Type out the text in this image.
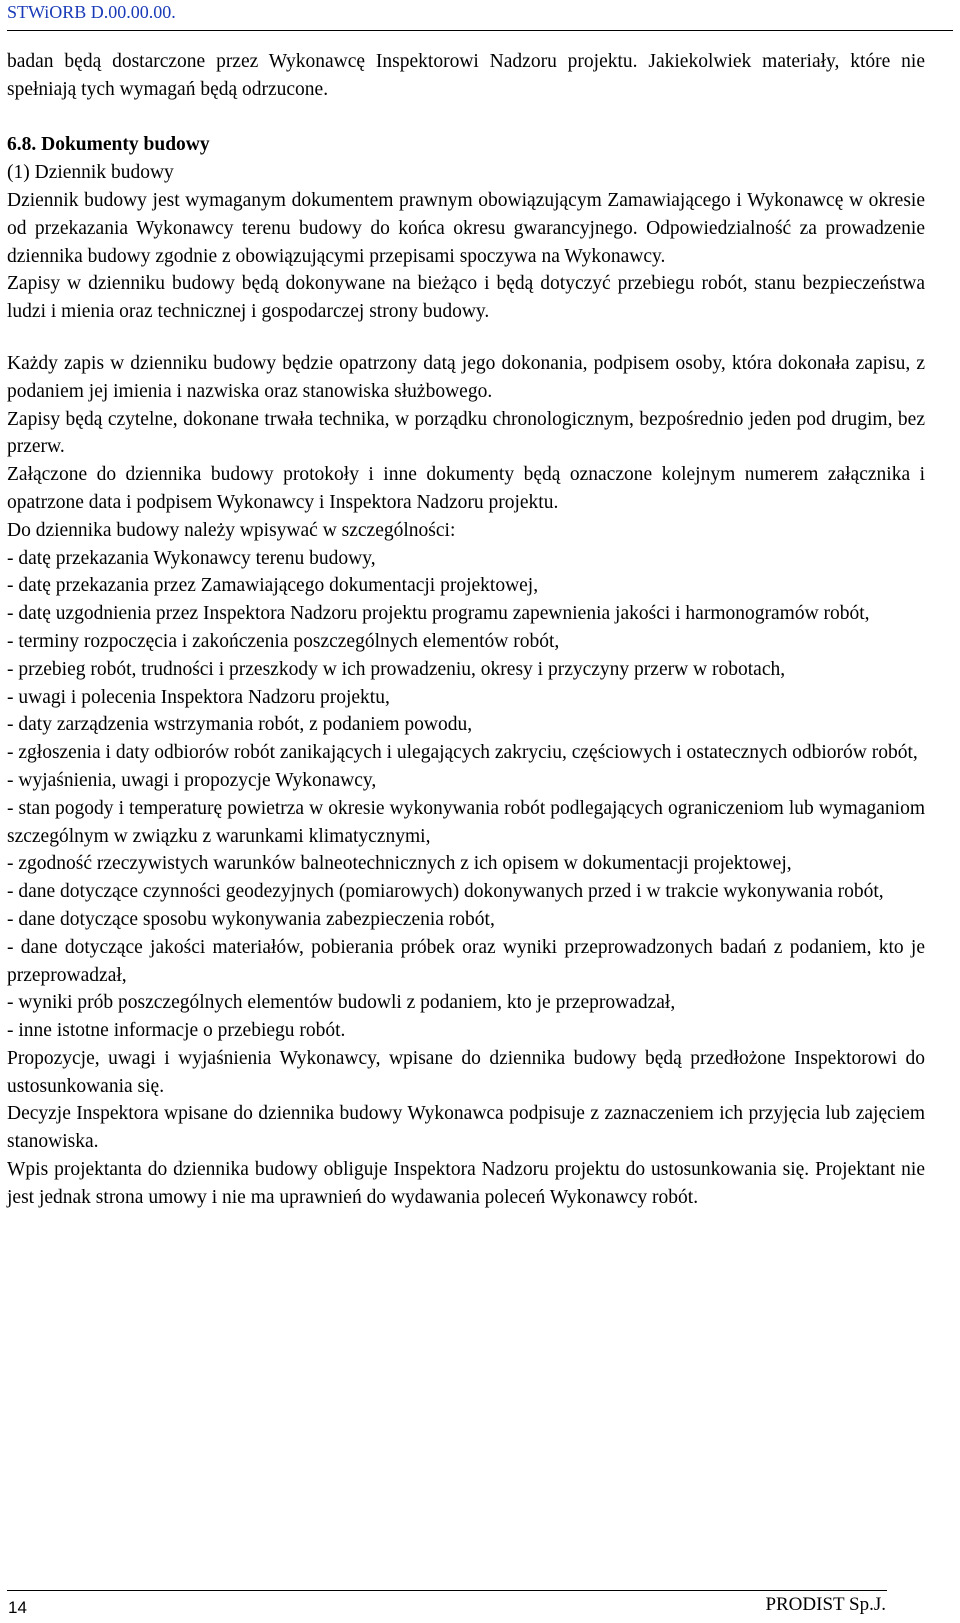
STWiORB D.00.00.00.

badan będą dostarczone przez Wykonawcę Inspektorowi Nadzoru projektu. Jakiekolwiek materiały, które nie spełniają tych wymagań będą odrzucone.

6.8. Dokumenty budowy

(1) Dziennik budowy

Dziennik budowy jest wymaganym dokumentem prawnym obowiązującym Zamawiającego i Wykonawcę w okresie od przekazania Wykonawcy terenu budowy do końca okresu gwarancyjnego. Odpowiedzialność za prowadzenie dziennika budowy zgodnie z obowiązującymi przepisami spoczywa na Wykonawcy.

Zapisy w dzienniku budowy będą dokonywane na bieżąco i będą dotyczyć przebiegu robót, stanu bezpieczeństwa ludzi i mienia oraz technicznej i gospodarczej strony budowy.

Każdy zapis w dzienniku budowy będzie opatrzony datą jego dokonania, podpisem osoby, która dokonała zapisu, z podaniem jej imienia i nazwiska oraz stanowiska służbowego.

Zapisy będą czytelne, dokonane trwała technika, w porządku chronologicznym, bezpośrednio jeden pod drugim, bez przerw.

Załączone do dziennika budowy protokoły i inne dokumenty będą oznaczone kolejnym numerem załącznika i opatrzone data i podpisem Wykonawcy i Inspektora Nadzoru projektu.

Do dziennika budowy należy wpisywać w szczególności:

- datę przekazania Wykonawcy terenu budowy,

- datę przekazania przez Zamawiającego dokumentacji projektowej,

- datę uzgodnienia przez Inspektora Nadzoru projektu programu zapewnienia jakości i harmonogramów robót,

- terminy rozpoczęcia i zakończenia poszczególnych elementów robót,

- przebieg robót, trudności i przeszkody w ich prowadzeniu, okresy i przyczyny przerw w robotach,

- uwagi i polecenia Inspektora Nadzoru projektu,

- daty zarządzenia wstrzymania robót, z podaniem powodu,

- zgłoszenia i daty odbiorów robót zanikających i ulegających zakryciu, częściowych i ostatecznych odbiorów robót,

- wyjaśnienia, uwagi i propozycje Wykonawcy,

- stan pogody i temperaturę powietrza w okresie wykonywania robót podlegających ograniczeniom lub wymaganiom szczególnym w związku z warunkami klimatycznymi,

- zgodność rzeczywistych warunków balneotechnicznych z ich opisem w dokumentacji projektowej,

- dane dotyczące czynności geodezyjnych (pomiarowych) dokonywanych przed i w trakcie wykonywania robót,

- dane dotyczące sposobu wykonywania zabezpieczenia robót,

- dane dotyczące jakości materiałów, pobierania próbek oraz wyniki przeprowadzonych badań z podaniem, kto je przeprowadzał,

- wyniki prób poszczególnych elementów budowli z podaniem, kto je przeprowadzał,

- inne istotne informacje o przebiegu robót.

Propozycje, uwagi i wyjaśnienia Wykonawcy, wpisane do dziennika budowy będą przedłożone Inspektorowi do ustosunkowania się.

Decyzje Inspektora wpisane do dziennika budowy Wykonawca podpisuje z zaznaczeniem ich przyjęcia lub zajęciem stanowiska.

Wpis projektanta do dziennika budowy obliguje Inspektora Nadzoru projektu do ustosunkowania się. Projektant nie jest jednak strona umowy i nie ma uprawnień do wydawania poleceń Wykonawcy robót.

14	PRODIST Sp.J.
